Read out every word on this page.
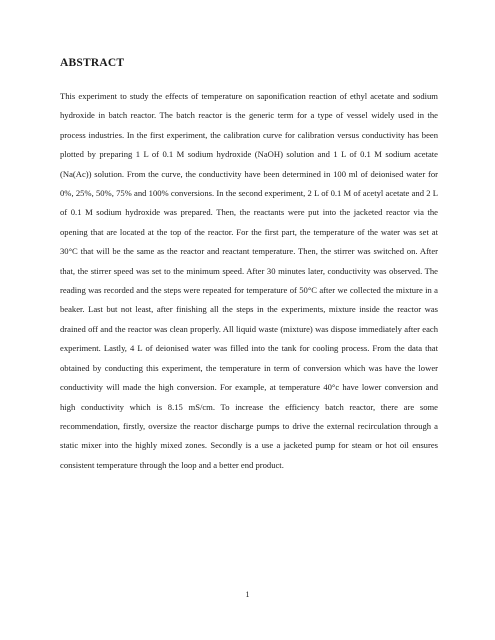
ABSTRACT

This experiment to study the effects of temperature on saponification reaction of ethyl acetate and sodium hydroxide in batch reactor. The batch reactor is the generic term for a type of vessel widely used in the process industries. In the first experiment, the calibration curve for calibration versus conductivity has been plotted by preparing 1 L of 0.1 M sodium hydroxide (NaOH) solution and 1 L of 0.1 M sodium acetate (Na(Ac)) solution. From the curve, the conductivity have been determined in 100 ml of deionised water for 0%, 25%, 50%, 75% and 100% conversions. In the second experiment, 2 L of 0.1 M of acetyl acetate and 2 L of 0.1 M sodium hydroxide was prepared. Then, the reactants were put into the jacketed reactor via the opening that are located at the top of the reactor. For the first part, the temperature of the water was set at 30°C that will be the same as the reactor and reactant temperature. Then, the stirrer was switched on. After that, the stirrer speed was set to the minimum speed. After 30 minutes later, conductivity was observed. The reading was recorded and the steps were repeated for temperature of 50°C after we collected the mixture in a beaker. Last but not least, after finishing all the steps in the experiments, mixture inside the reactor was drained off and the reactor was clean properly. All liquid waste (mixture) was dispose immediately after each experiment. Lastly, 4 L of deionised water was filled into the tank for cooling process. From the data that obtained by conducting this experiment, the temperature in term of conversion which was have the lower conductivity will made the high conversion. For example, at temperature 40°c have lower conversion and high conductivity which is 8.15 mS/cm. To increase the efficiency batch reactor, there are some recommendation, firstly, oversize the reactor discharge pumps to drive the external recirculation through a static mixer into the highly mixed zones. Secondly is a use a jacketed pump for steam or hot oil ensures consistent temperature through the loop and a better end product.

1
